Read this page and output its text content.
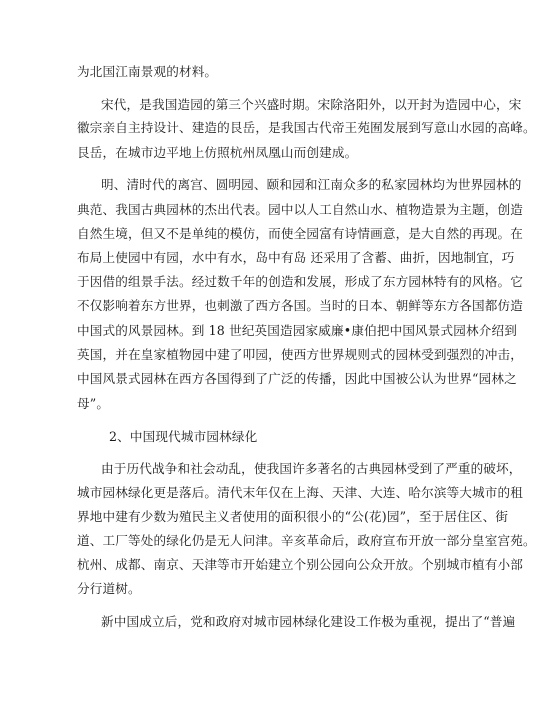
为北国江南景观的材料。
宋代，是我国造园的第三个兴盛时期。宋除洛阳外，以开封为造园中心，宋
徽宗亲自主持设计、建造的艮岳，是我国古代帝王苑囿发展到写意山水园的高峰。
艮岳，在城市边平地上仿照杭州凤凰山而创建成。
明、清时代的离宫、圆明园、颐和园和江南众多的私家园林均为世界园林的
典范、我国古典园林的杰出代表。园中以人工自然山水、植物造景为主题，创造
自然生境，但又不是单纯的模仿，而使全园富有诗情画意，是大自然的再现。在
布局上使园中有园，水中有水，岛中有岛 还采用了含蓄、曲折，因地制宜，巧
于因借的组景手法。经过数千年的创造和发展，形成了东方园林特有的风格。它
不仅影响着东方世界，也刺激了西方各国。当时的日本、朝鲜等东方各国都仿造
中国式的风景园林。到 18 世纪英国造园家威廉•康伯把中国风景式园林介绍到
英国，并在皇家植物园中建了叩园，使西方世界规则式的园林受到强烈的冲击，
中国风景式园林在西方各国得到了广泛的传播，因此中国被公认为世界“园林之
母”。
2、中国现代城市园林绿化
由于历代战争和社会动乱，使我国许多著名的古典园林受到了严重的破坏，
城市园林绿化更是落后。清代末年仅在上海、天津、大连、哈尔滨等大城市的租
界地中建有少数为殖民主义者使用的面积很小的“公(花)园”，至于居住区、街
道、工厂等处的绿化仍是无人问津。辛亥革命后，政府宣布开放一部分皇室宫苑。
杭州、成都、南京、天津等市开始建立个别公园向公众开放。个别城市植有小部
分行道树。
新中国成立后，党和政府对城市园林绿化建设工作极为重视，提出了“普遍
